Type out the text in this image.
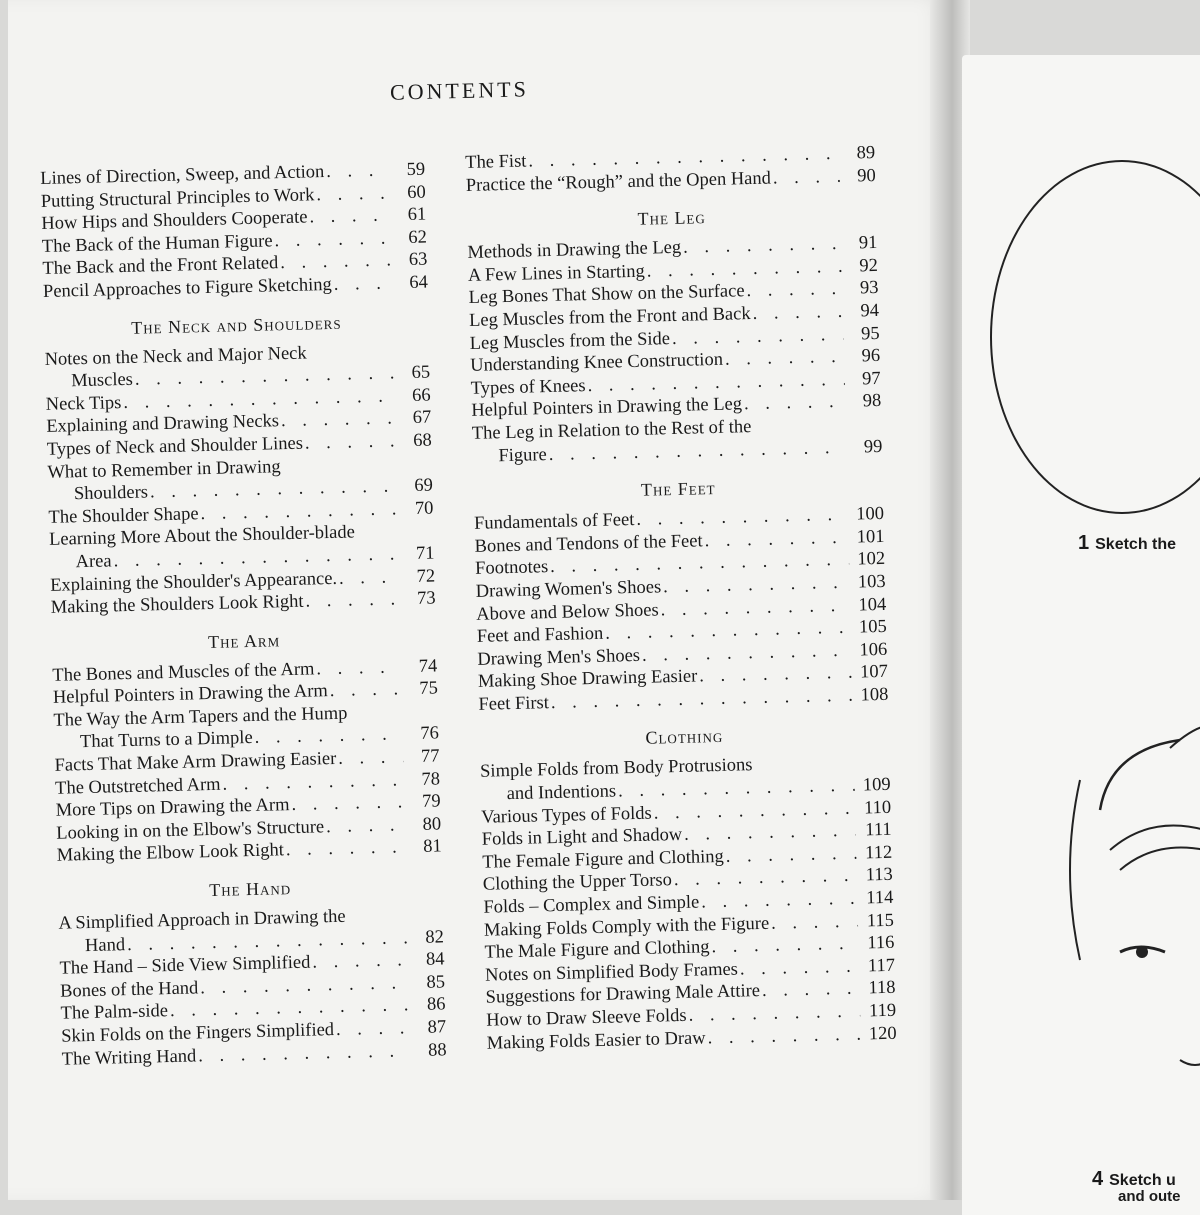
CONTENTS
Lines of Direction, Sweep, and Action . . .	59
Putting Structural Principles to Work . . .	60
How Hips and Shoulders Cooperate . . .	61
The Back of the Human Figure . . .	62
The Back and the Front Related . . .	63
Pencil Approaches to Figure Sketching . . .	64
The Neck and Shoulders
Notes on the Neck and Major Neck
Muscles . . .	65
Neck Tips . . .	66
Explaining and Drawing Necks . . .	67
Types of Neck and Shoulder Lines . . .	68
What to Remember in Drawing
Shoulders . . .	69
The Shoulder Shape . . .	70
Learning More About the Shoulder-blade
Area . . .	71
Explaining the Shoulder's Appearance. . . .	72
Making the Shoulders Look Right . . .	73
The Arm
The Bones and Muscles of the Arm . . .	74
Helpful Pointers in Drawing the Arm . . .	75
The Way the Arm Tapers and the Hump
That Turns to a Dimple . . .	76
Facts That Make Arm Drawing Easier . . .	77
The Outstretched Arm . . .	78
More Tips on Drawing the Arm . . .	79
Looking in on the Elbow's Structure . . .	80
Making the Elbow Look Right . . .	81
The Hand
A Simplified Approach in Drawing the
Hand . . .	82
The Hand – Side View Simplified . . .	84
Bones of the Hand . . .	85
The Palm-side . . .	86
Skin Folds on the Fingers Simplified . . .	87
The Writing Hand . . .	88
The Fist . . .	89
Practice the “Rough” and the Open Hand . . .	90
The Leg
Methods in Drawing the Leg . . .	91
A Few Lines in Starting . . .	92
Leg Bones That Show on the Surface . . .	93
Leg Muscles from the Front and Back . . .	94
Leg Muscles from the Side . . .	95
Understanding Knee Construction . . .	96
Types of Knees . . .	97
Helpful Pointers in Drawing the Leg . . .	98
The Leg in Relation to the Rest of the
Figure . . .	99
The Feet
Fundamentals of Feet . . .	100
Bones and Tendons of the Feet . . .	101
Footnotes . . .	102
Drawing Women's Shoes . . .	103
Above and Below Shoes . . .	104
Feet and Fashion . . .	105
Drawing Men's Shoes . . .	106
Making Shoe Drawing Easier . . .	107
Feet First . . .	108
Clothing
Simple Folds from Body Protrusions
and Indentions . . .	109
Various Types of Folds . . .	110
Folds in Light and Shadow . . .	111
The Female Figure and Clothing . . .	112
Clothing the Upper Torso . . .	113
Folds – Complex and Simple . . .	114
Making Folds Comply with the Figure . . .	115
The Male Figure and Clothing . . .	116
Notes on Simplified Body Frames . . .	117
Suggestions for Drawing Male Attire . . .	118
How to Draw Sleeve Folds . . .	119
Making Folds Easier to Draw . . .	120
1 Sketch the
4 Sketch u
and oute
